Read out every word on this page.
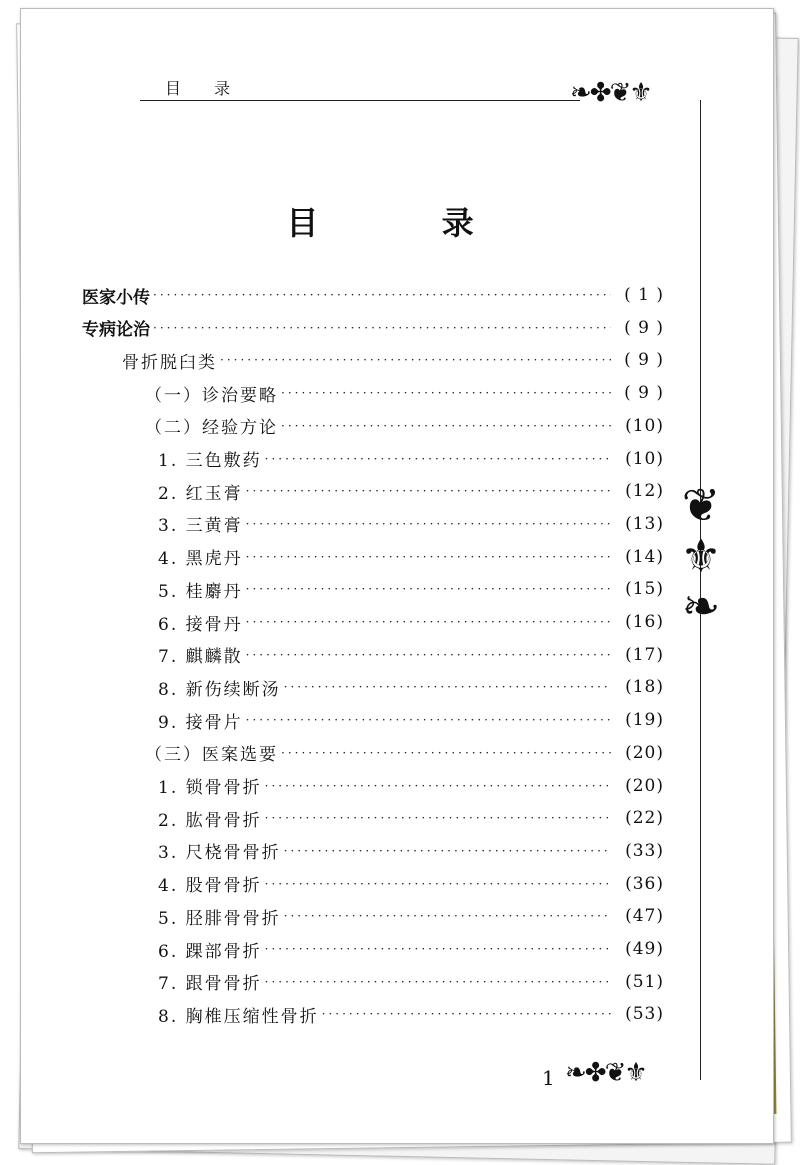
目 录	❧✤❦⚜
❦
⚜
❧
❧✤❦⚜
目 录
医家小传 ·····	( 1 )
专病论治 ·····	( 9 )
骨折脱臼类 ·····	( 9 )
（一）诊治要略 ·····	( 9 )
（二）经验方论 ·····	(10)
1. 三色敷药 ·····	(10)
2. 红玉膏 ·····	(12)
3. 三黄膏 ·····	(13)
4. 黑虎丹 ·····	(14)
5. 桂麝丹 ·····	(15)
6. 接骨丹 ·····	(16)
7. 麒麟散 ·····	(17)
8. 新伤续断汤 ·····	(18)
9. 接骨片 ·····	(19)
（三）医案选要 ·····	(20)
1. 锁骨骨折 ·····	(20)
2. 肱骨骨折 ·····	(22)
3. 尺桡骨骨折 ·····	(33)
4. 股骨骨折 ·····	(36)
5. 胫腓骨骨折 ·····	(47)
6. 踝部骨折 ·····	(49)
7. 跟骨骨折 ·····	(51)
8. 胸椎压缩性骨折 ·····	(53)
1
